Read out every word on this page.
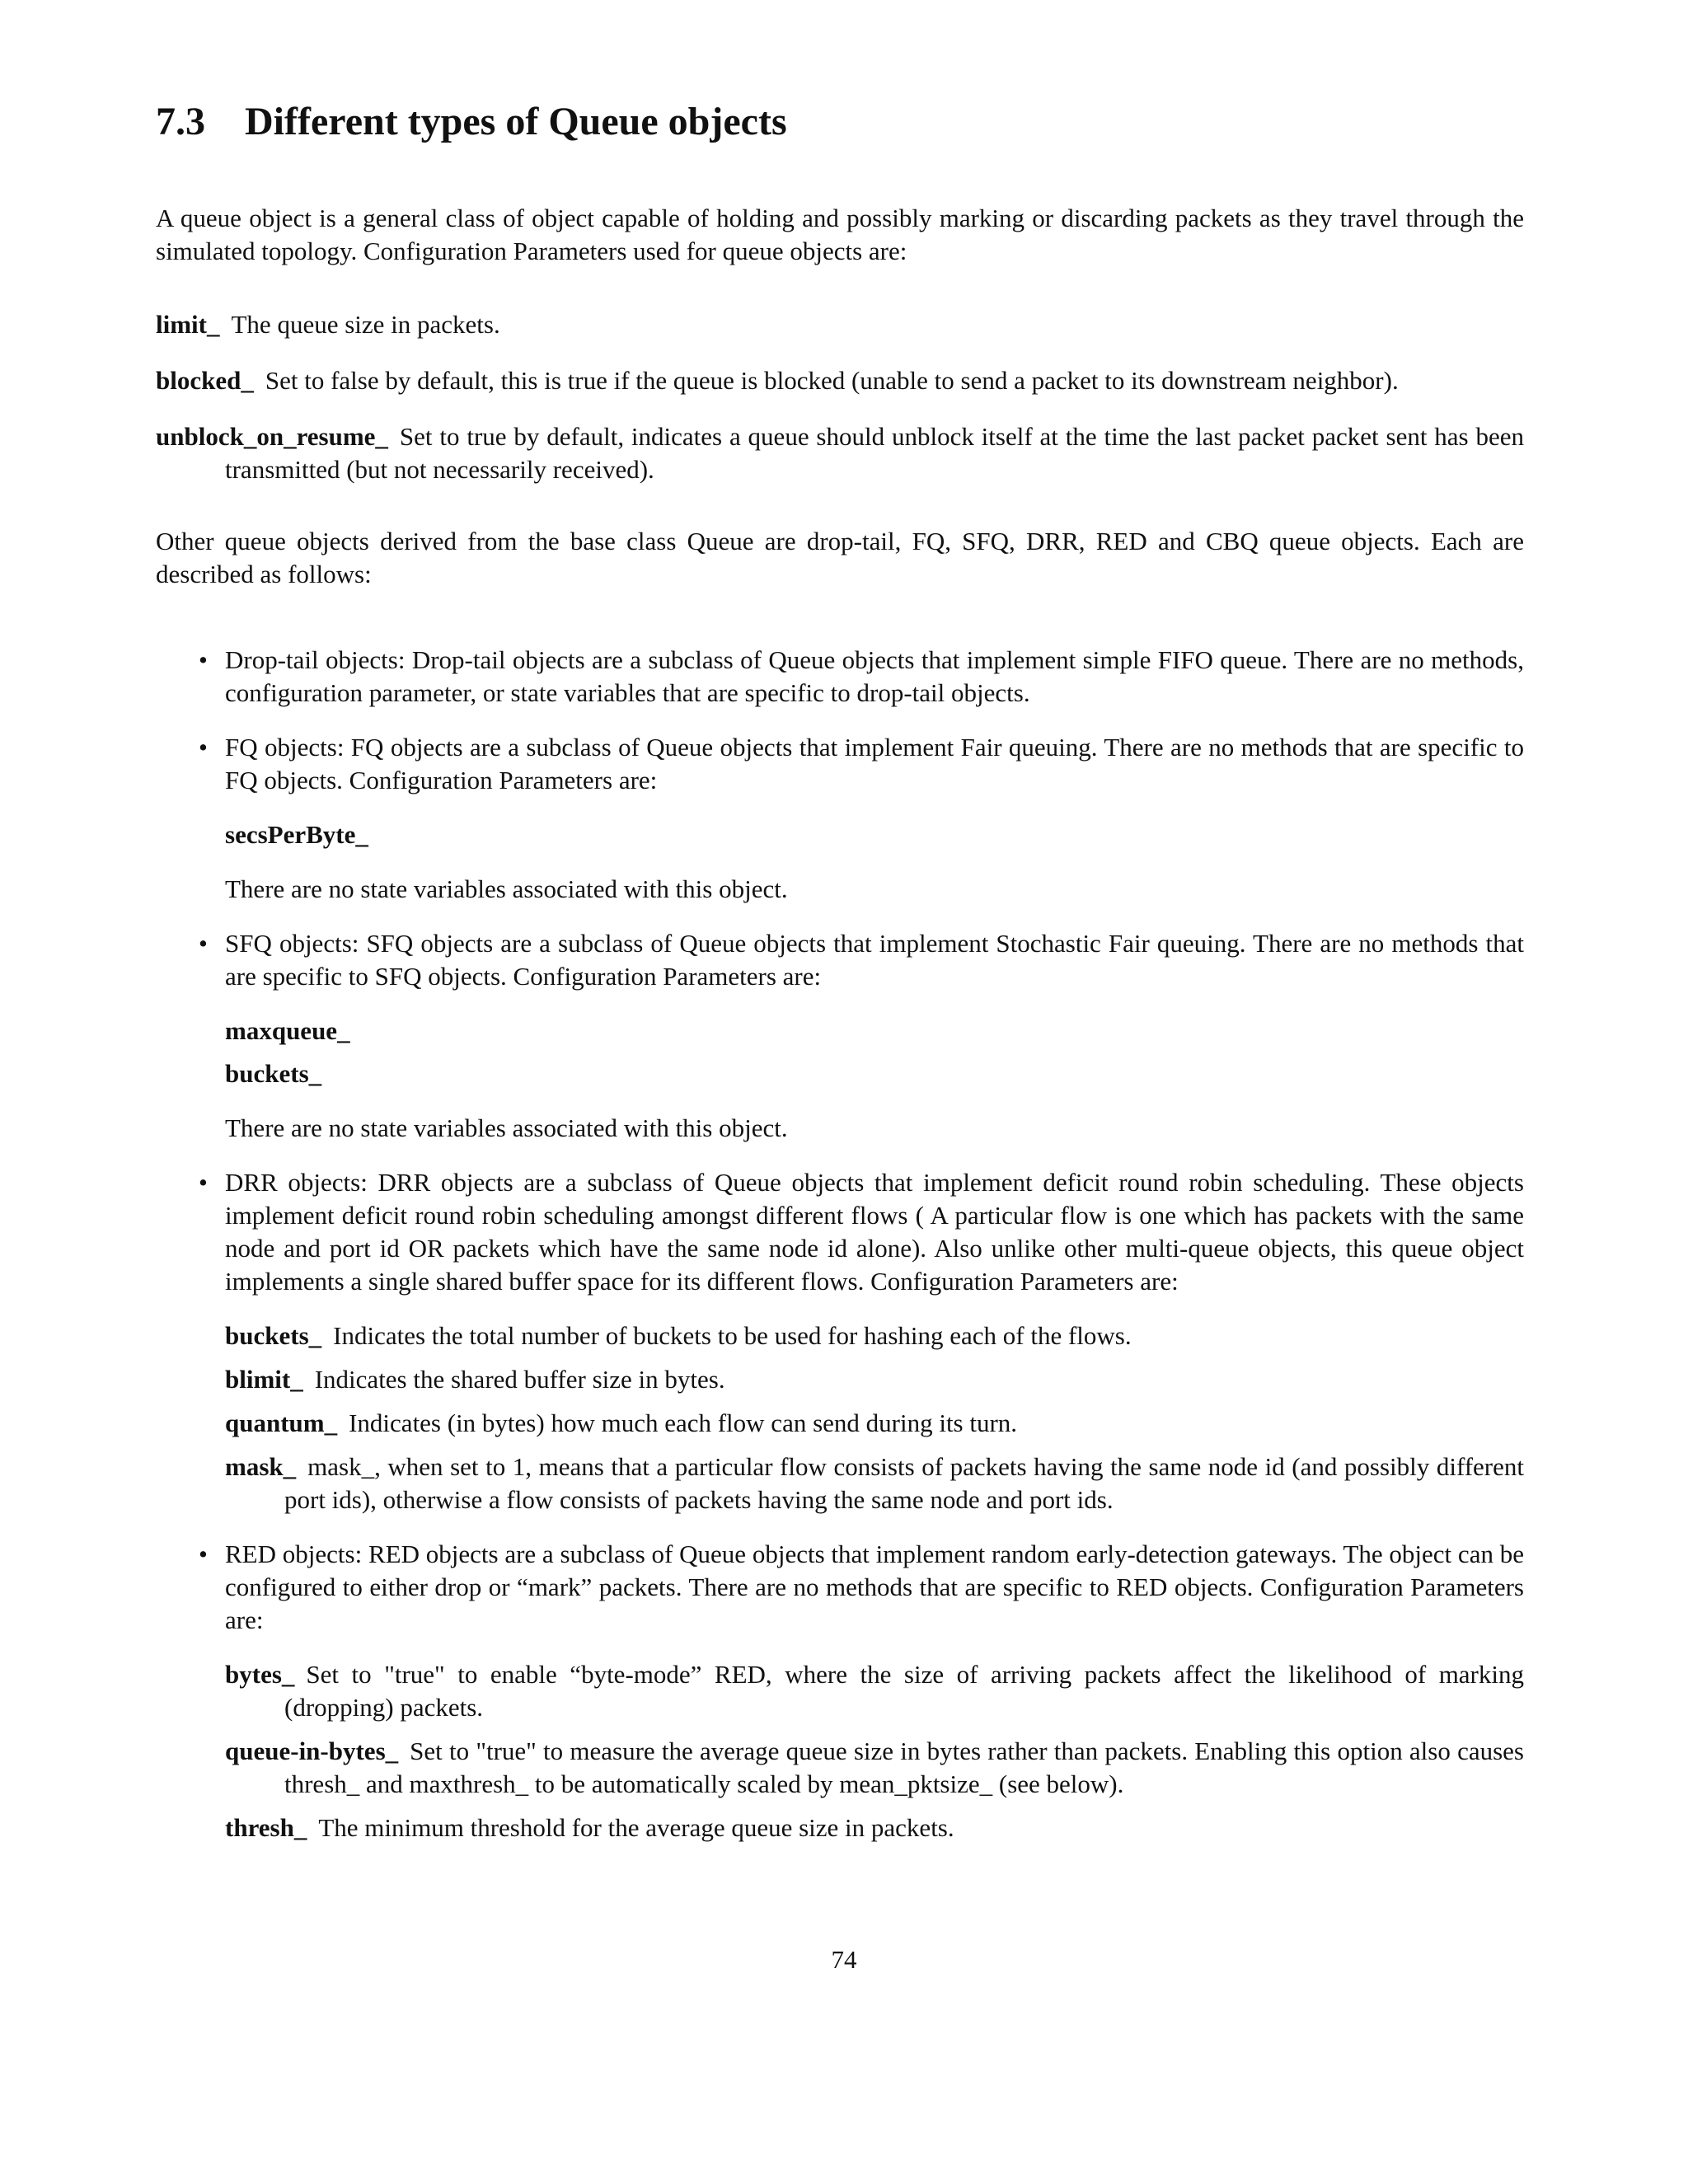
7.3 Different types of Queue objects

A queue object is a general class of object capable of holding and possibly marking or discarding packets as they travel through the simulated topology. Configuration Parameters used for queue objects are:

limit_ The queue size in packets.

blocked_ Set to false by default, this is true if the queue is blocked (unable to send a packet to its downstream neighbor).

unblock_on_resume_ Set to true by default, indicates a queue should unblock itself at the time the last packet packet sent has been transmitted (but not necessarily received).

Other queue objects derived from the base class Queue are drop-tail, FQ, SFQ, DRR, RED and CBQ queue objects. Each are described as follows:

• Drop-tail objects: Drop-tail objects are a subclass of Queue objects that implement simple FIFO queue. There are no methods, configuration parameter, or state variables that are specific to drop-tail objects.

• FQ objects: FQ objects are a subclass of Queue objects that implement Fair queuing. There are no methods that are specific to FQ objects. Configuration Parameters are:

secsPerByte_

There are no state variables associated with this object.

• SFQ objects: SFQ objects are a subclass of Queue objects that implement Stochastic Fair queuing. There are no methods that are specific to SFQ objects. Configuration Parameters are:

maxqueue_

buckets_

There are no state variables associated with this object.

• DRR objects: DRR objects are a subclass of Queue objects that implement deficit round robin scheduling. These objects implement deficit round robin scheduling amongst different flows ( A particular flow is one which has packets with the same node and port id OR packets which have the same node id alone). Also unlike other multi-queue objects, this queue object implements a single shared buffer space for its different flows. Configuration Parameters are:

buckets_ Indicates the total number of buckets to be used for hashing each of the flows.

blimit_ Indicates the shared buffer size in bytes.

quantum_ Indicates (in bytes) how much each flow can send during its turn.

mask_ mask_, when set to 1, means that a particular flow consists of packets having the same node id (and possibly different port ids), otherwise a flow consists of packets having the same node and port ids.

• RED objects: RED objects are a subclass of Queue objects that implement random early-detection gateways. The object can be configured to either drop or “mark” packets. There are no methods that are specific to RED objects. Configuration Parameters are:

bytes_ Set to "true" to enable “byte-mode” RED, where the size of arriving packets affect the likelihood of marking (dropping) packets.

queue-in-bytes_ Set to "true" to measure the average queue size in bytes rather than packets. Enabling this option also causes thresh_ and maxthresh_ to be automatically scaled by mean_pktsize_ (see below).

thresh_ The minimum threshold for the average queue size in packets.

74
